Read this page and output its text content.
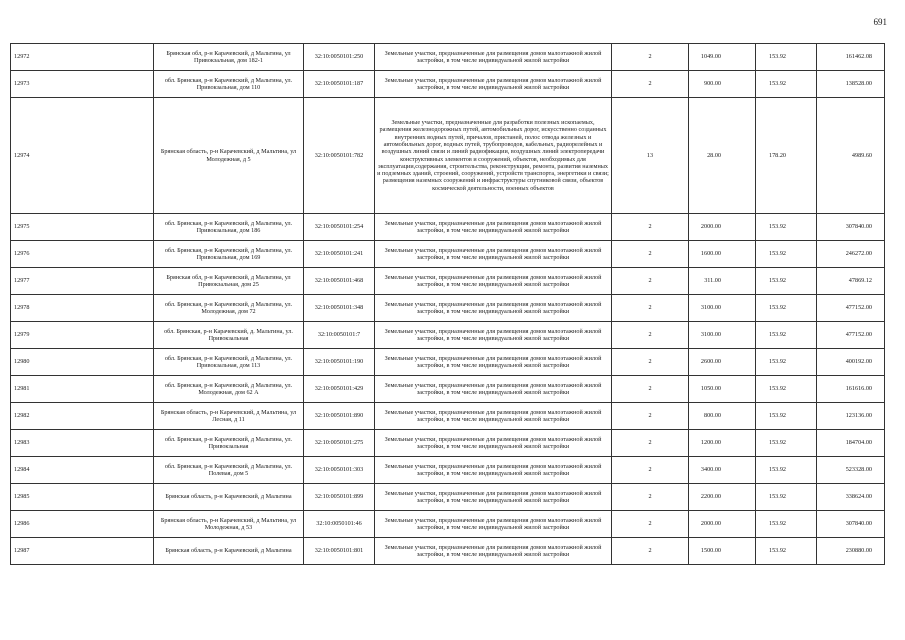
691
12972	Брянская обл, р-н Карачевский, д Мальтина, ул Привокзальная, дом 182-1	32:10:0050101:250	Земельные участки, предназначенные для размещения домов малоэтажной жилой застройки, в том числе индивидуальной жилой застройки	2	1049.00	153.92	161462.08
12973	обл. Брянская, р-н Карачевский, д Мальтина, ул. Привокзальная, дом 110	32:10:0050101:187	Земельные участки, предназначенные для размещения домов малоэтажной жилой застройки, в том числе индивидуальной жилой застройки	2	900.00	153.92	138528.00
12974	Брянская область, р-н Карачевский, д Мальтина, ул Молодежная, д 5	32:10:0050101:782	Земельные участки, предназначенные для разработки полезных ископаемых, размещения железнодорожных путей, автомобильных дорог, искусственно созданных внутренних водных путей, причалов, пристаней, полос отвода железных и автомобильных дорог, водных путей, трубопроводов, кабельных, радиорелейных и воздушных линий связи и линий радиофикации, воздушных линий электропередачи конструктивных элементов и сооружений, объектов, необходимых для эксплуатации,содержания, строительства, реконструкции, ремонта, развития наземных и подземных зданий, строений, сооружений, устройств транспорта, энергетики и связи; размещения наземных сооружений и инфраструктуры спутниковой связи, объектов космической деятельности, военных объектов	13	28.00	178.20	4989.60
12975	обл. Брянская, р-н Карачевский, д Мальтина, ул. Привокзальная, дом 186	32:10:0050101:254	Земельные участки, предназначенные для размещения домов малоэтажной жилой застройки, в том числе индивидуальной жилой застройки	2	2000.00	153.92	307840.00
12976	обл. Брянская, р-н Карачевский, д Мальтина, ул. Привокзальная, дом 169	32:10:0050101:241	Земельные участки, предназначенные для размещения домов малоэтажной жилой застройки, в том числе индивидуальной жилой застройки	2	1600.00	153.92	246272.00
12977	Брянская обл, р-н Карачевский, д Мальтина, ул Привокзальная, дом 25	32:10:0050101:468	Земельные участки, предназначенные для размещения домов малоэтажной жилой застройки, в том числе индивидуальной жилой застройки	2	311.00	153.92	47869.12
12978	обл. Брянская, р-н Карачевский, д Мальтина, ул. Молодежная, дом 72	32:10:0050101:348	Земельные участки, предназначенные для размещения домов малоэтажной жилой застройки, в том числе индивидуальной жилой застройки	2	3100.00	153.92	477152.00
12979	обл. Брянская, р-н Карачевский, д. Мальтина, ул. Привокзальная	32:10:0050101:7	Земельные участки, предназначенные для размещения домов малоэтажной жилой застройки, в том числе индивидуальной жилой застройки	2	3100.00	153.92	477152.00
12980	обл. Брянская, р-н Карачевский, д Мальтина, ул. Привокзальная, дом 113	32:10:0050101:190	Земельные участки, предназначенные для размещения домов малоэтажной жилой застройки, в том числе индивидуальной жилой застройки	2	2600.00	153.92	400192.00
12981	обл. Брянская, р-н Карачевский, д Мальтина, ул. Молодежная, дом 62 А	32:10:0050101:429	Земельные участки, предназначенные для размещения домов малоэтажной жилой застройки, в том числе индивидуальной жилой застройки	2	1050.00	153.92	161616.00
12982	Брянская область, р-н Карачевский, д Мальтина, ул Лесная, д 11	32:10:0050101:890	Земельные участки, предназначенные для размещения домов малоэтажной жилой застройки, в том числе индивидуальной жилой застройки	2	800.00	153.92	123136.00
12983	обл. Брянская, р-н Карачевский, д Мальтина, ул. Привокзальная	32:10:0050101:275	Земельные участки, предназначенные для размещения домов малоэтажной жилой застройки, в том числе индивидуальной жилой застройки	2	1200.00	153.92	184704.00
12984	обл. Брянская, р-н Карачевский, д Мальтина, ул. Полевая, дом 5	32:10:0050101:303	Земельные участки, предназначенные для размещения домов малоэтажной жилой застройки, в том числе индивидуальной жилой застройки	2	3400.00	153.92	523328.00
12985	Брянская область, р-н Карачевский, д Мальтина	32:10:0050101:899	Земельные участки, предназначенные для размещения домов малоэтажной жилой застройки, в том числе индивидуальной жилой застройки	2	2200.00	153.92	338624.00
12986	Брянская область, р-н Карачевский, д Мальтина, ул Молодежная, д 53	32:10:0050101:46	Земельные участки, предназначенные для размещения домов малоэтажной жилой застройки, в том числе индивидуальной жилой застройки	2	2000.00	153.92	307840.00
12987	Брянская область, р-н Карачевский, д Мальтина	32:10:0050101:801	Земельные участки, предназначенные для размещения домов малоэтажной жилой застройки, в том числе индивидуальной жилой застройки	2	1500.00	153.92	230880.00
